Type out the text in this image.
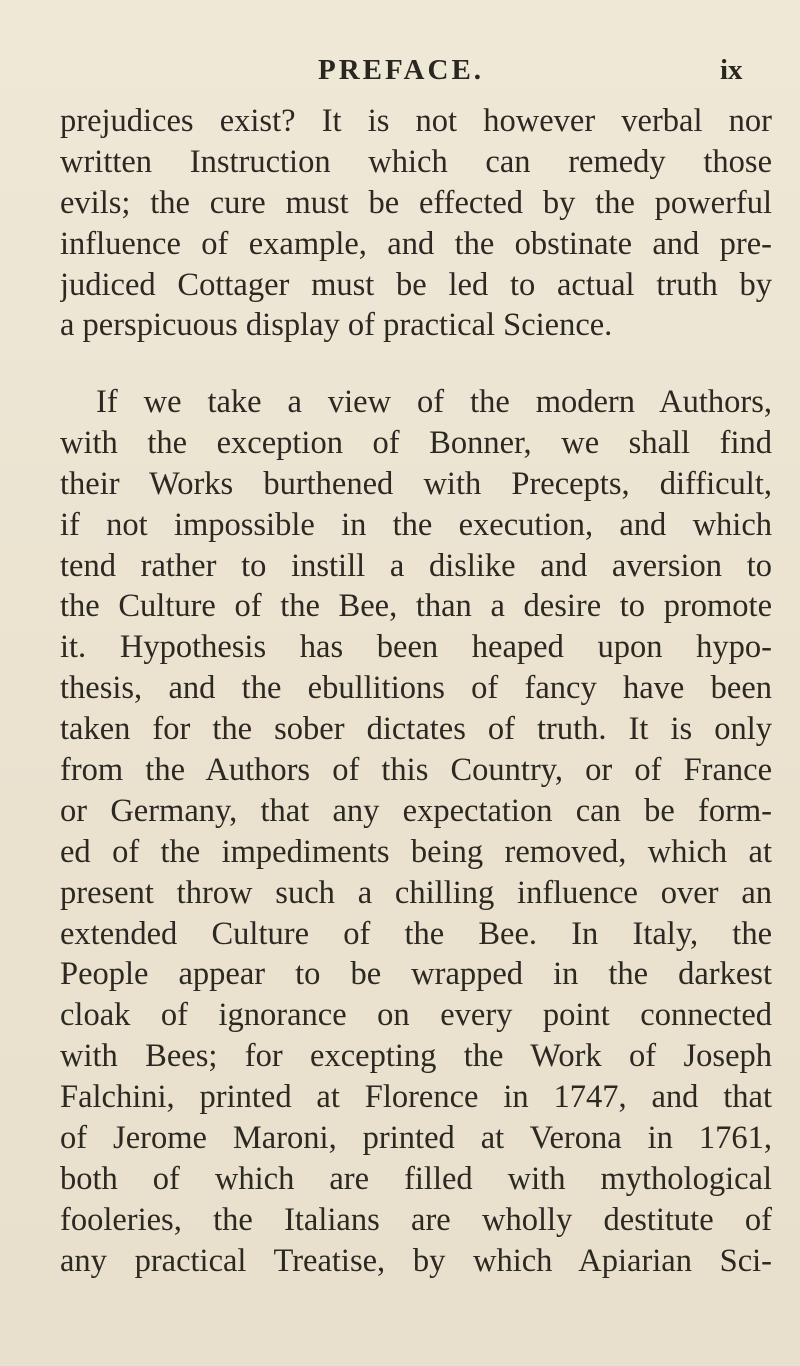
PREFACE.	ix
prejudices exist? It is not however verbal nor
written Instruction which can remedy those
evils; the cure must be effected by the powerful
influence of example, and the obstinate and pre-
judiced Cottager must be led to actual truth by
a perspicuous display of practical Science.
If we take a view of the modern Authors,
with the exception of Bonner, we shall find
their Works burthened with Precepts, difficult,
if not impossible in the execution, and which
tend rather to instill a dislike and aversion to
the Culture of the Bee, than a desire to promote
it. Hypothesis has been heaped upon hypo-
thesis, and the ebullitions of fancy have been
taken for the sober dictates of truth. It is only
from the Authors of this Country, or of France
or Germany, that any expectation can be form-
ed of the impediments being removed, which at
present throw such a chilling influence over an
extended Culture of the Bee. In Italy, the
People appear to be wrapped in the darkest
cloak of ignorance on every point connected
with Bees; for excepting the Work of Joseph
Falchini, printed at Florence in 1747, and that
of Jerome Maroni, printed at Verona in 1761,
both of which are filled with mythological
fooleries, the Italians are wholly destitute of
any practical Treatise, by which Apiarian Sci-
